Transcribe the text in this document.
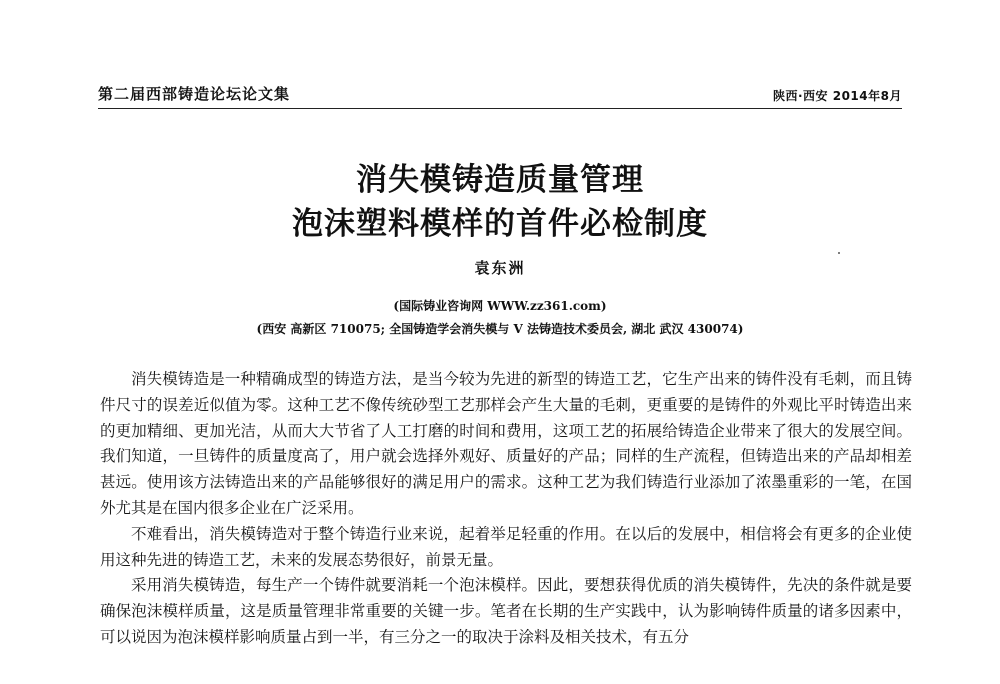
第二届西部铸造论坛论文集	陕西·西安 2014年8月
消失模铸造质量管理
泡沫塑料模样的首件必检制度
袁东洲
(国际铸业咨询网 WWW.zz361.com)
(西安 高新区 710075; 全国铸造学会消失模与 V 法铸造技术委员会, 湖北 武汉 430074)

消失模铸造是一种精确成型的铸造方法，是当今较为先进的新型的铸造工艺，它生产出来的铸件没有毛刺，而且铸件尺寸的误差近似值为零。这种工艺不像传统砂型工艺那样会产生大量的毛刺，更重要的是铸件的外观比平时铸造出来的更加精细、更加光洁，从而大大节省了人工打磨的时间和费用，这项工艺的拓展给铸造企业带来了很大的发展空间。我们知道，一旦铸件的质量度高了，用户就会选择外观好、质量好的产品；同样的生产流程，但铸造出来的产品却相差甚远。使用该方法铸造出来的产品能够很好的满足用户的需求。这种工艺为我们铸造行业添加了浓墨重彩的一笔，在国外尤其是在国内很多企业在广泛采用。

不难看出，消失模铸造对于整个铸造行业来说，起着举足轻重的作用。在以后的发展中，相信将会有更多的企业使用这种先进的铸造工艺，未来的发展态势很好，前景无量。

采用消失模铸造，每生产一个铸件就要消耗一个泡沫模样。因此，要想获得优质的消失模铸件，先决的条件就是要确保泡沫模样质量，这是质量管理非常重要的关键一步。笔者在长期的生产实践中，认为影响铸件质量的诸多因素中，可以说因为泡沫模样影响质量占到一半，有三分之一的取决于涂料及相关技术，有五分
